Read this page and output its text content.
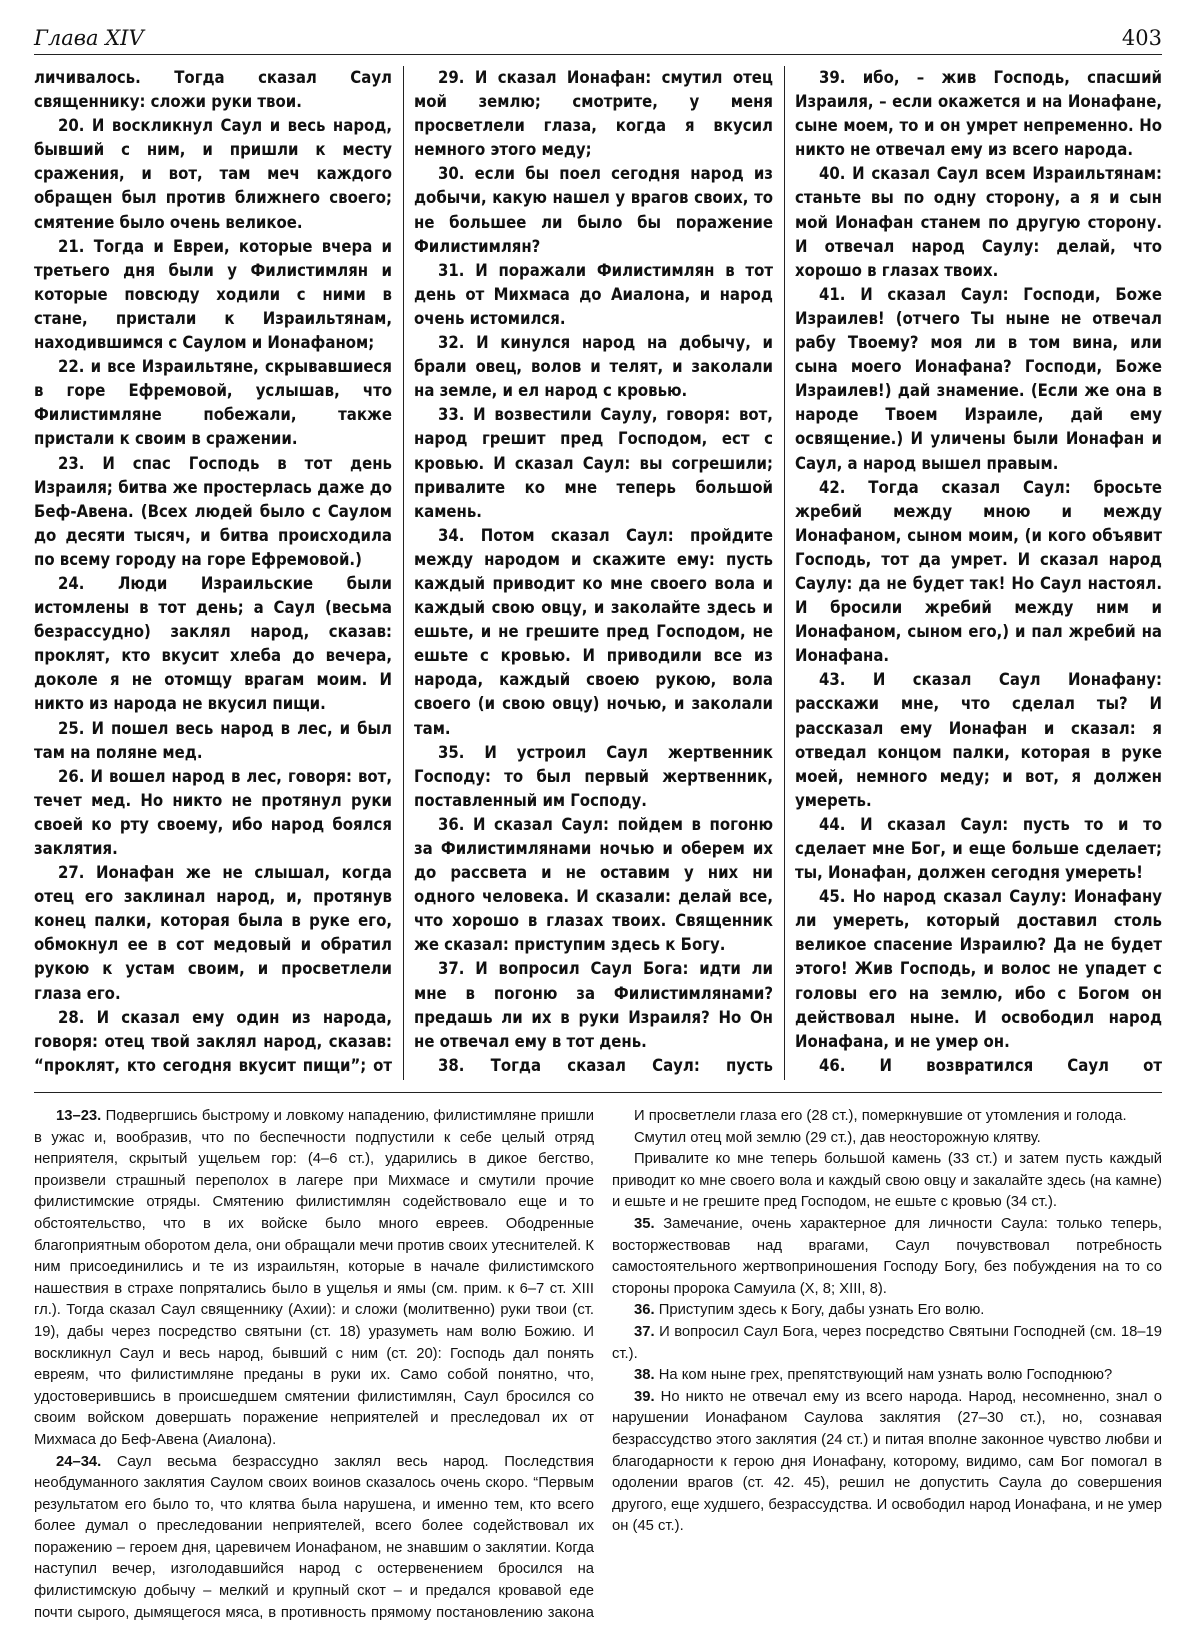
Глава XIV	403

личивалось. Тогда сказал Саул священнику: сложи руки твои.

20. И воскликнул Саул и весь народ, бывший с ним, и пришли к месту сражения, и вот, там меч каждого обращен был против ближнего своего; смятение было очень великое.

21. Тогда и Евреи, которые вчера и третьего дня были у Филистимлян и которые повсюду ходили с ними в стане, пристали к Израильтянам, находившимся с Саулом и Ионафаном;

22. и все Израильтяне, скрывавшиеся в горе Ефремовой, услышав, что Филистимляне побежали, также пристали к своим в сражении.

23. И спас Господь в тот день Израиля; битва же простерлась даже до Беф-Авена. (Всех людей было с Саулом до десяти тысяч, и битва происходила по всему городу на горе Ефремовой.)

24. Люди Израильские были истомлены в тот день; а Саул (весьма безрассудно) заклял народ, сказав: проклят, кто вкусит хлеба до вечера, доколе я не отомщу врагам моим. И никто из народа не вкусил пищи.

25. И пошел весь народ в лес, и был там на поляне мед.

26. И вошел народ в лес, говоря: вот, течет мед. Но никто не протянул руки своей ко рту своему, ибо народ боялся заклятия.

27. Ионафан же не слышал, когда отец его заклинал народ, и, протянув конец палки, которая была в руке его, обмокнул ее в сот медовый и обратил рукою к устам своим, и просветлели глаза его.

28. И сказал ему один из народа, говоря: отец твой заклял народ, сказав: “проклят, кто сегодня вкусит пищи”; от

29. И сказал Ионафан: смутил отец мой землю; смотрите, у меня просветлели глаза, когда я вкусил немного этого меду;

30. если бы поел сегодня народ из добычи, какую нашел у врагов своих, то не большее ли было бы поражение Филистимлян?

31. И поражали Филистимлян в тот день от Михмаса до Аиалона, и народ очень истомился.

32. И кинулся народ на добычу, и брали овец, волов и телят, и заколали на земле, и ел народ с кровью.

33. И возвестили Саулу, говоря: вот, народ грешит пред Господом, ест с кровью. И сказал Саул: вы согрешили; привалите ко мне теперь большой камень.

34. Потом сказал Саул: пройдите между народом и скажите ему: пусть каждый приводит ко мне своего вола и каждый свою овцу, и заколайте здесь и ешьте, и не грешите пред Господом, не ешьте с кровью. И приводили все из народа, каждый своею рукою, вола своего (и свою овцу) ночью, и заколали там.

35. И устроил Саул жертвенник Господу: то был первый жертвенник, поставленный им Господу.

36. И сказал Саул: пойдем в погоню за Филистимлянами ночью и оберем их до рассвета и не оставим у них ни одного человека. И сказали: делай все, что хорошо в глазах твоих. Священник же сказал: приступим здесь к Богу.

37. И вопросил Саул Бога: идти ли мне в погоню за Филистимлянами? предашь ли их в руки Израиля? Но Он не отвечал ему в тот день.

38. Тогда сказал Саул: пусть

39. ибо, – жив Господь, спасший Израиля, – если окажется и на Ионафане, сыне моем, то и он умрет непременно. Но никто не отвечал ему из всего народа.

40. И сказал Саул всем Израильтянам: станьте вы по одну сторону, а я и сын мой Ионафан станем по другую сторону. И отвечал народ Саулу: делай, что хорошо в глазах твоих.

41. И сказал Саул: Господи, Боже Израилев! (отчего Ты ныне не отвечал рабу Твоему? моя ли в том вина, или сына моего Ионафана? Господи, Боже Израилев!) дай знамение. (Если же она в народе Твоем Израиле, дай ему освящение.) И уличены были Ионафан и Саул, а народ вышел правым.

42. Тогда сказал Саул: бросьте жребий между мною и между Ионафаном, сыном моим, (и кого объявит Господь, тот да умрет. И сказал народ Саулу: да не будет так! Но Саул настоял. И бросили жребий между ним и Ионафаном, сыном его,) и пал жребий на Ионафана.

43. И сказал Саул Ионафану: расскажи мне, что сделал ты? И рассказал ему Ионафан и сказал: я отведал концом палки, которая в руке моей, немного меду; и вот, я должен умереть.

44. И сказал Саул: пусть то и то сделает мне Бог, и еще больше сделает; ты, Ионафан, должен сегодня умереть!

45. Но народ сказал Саулу: Ионафану ли умереть, который доставил столь великое спасение Израилю? Да не будет этого! Жив Господь, и волос не упадет с головы его на землю, ибо с Богом он действовал ныне. И освободил народ Ионафана, и не умер он.

46. И возвратился Саул от

13–23. Подвергшись быстрому и ловкому нападению, филистимляне пришли в ужас и, вообразив, что по беспечности подпустили к себе целый отряд неприятеля, скрытый ущельем гор: (4–6 ст.), ударились в дикое бегство, произвели страшный переполох в лагере при Михмасе и смутили прочие филистимские отряды. Смятению филистимлян содействовало еще и то обстоятельство, что в их войске было много евреев. Ободренные благоприятным оборотом дела, они обращали мечи против своих утеснителей. К ним присоединились и те из израильтян, которые в начале филистимского нашествия в страхе попрятались было в ущелья и ямы (см. прим. к 6–7 ст. XIII гл.). Тогда сказал Саул священнику (Ахии): и сложи (молитвенно) руки твои (ст. 19), дабы через посредство святыни (ст. 18) уразуметь нам волю Божию. И воскликнул Саул и весь народ, бывший с ним (ст. 20): Господь дал понять евреям, что филистимляне преданы в руки их. Само собой понятно, что, удостоверившись в происшедшем смятении филистимлян, Саул бросился со своим войском довершать поражение неприятелей и преследовал их от Михмаса до Беф-Авена (Аиалона).

24–34. Саул весьма безрассудно заклял весь народ. Последствия необдуманного заклятия Саулом своих воинов сказалось очень скоро. “Первым результатом его было то, что клятва была нарушена, и именно тем, кто всего более думал о преследовании неприятелей, всего более содействовал их поражению – героем дня, царевичем Ионафаном, не знавшим о заклятии. Когда наступил вечер, изголодавшийся народ с остервенением бросился на филистимскую добычу – мелкий и крупный скот – и предался кровавой еде почти сырого, дымящегося мяса, в противность прямому постановлению закона

И просветлели глаза его (28 ст.), померкнувшие от утомления и голода.

Смутил отец мой землю (29 ст.), дав неосторожную клятву.

Привалите ко мне теперь большой камень (33 ст.) и затем пусть каждый приводит ко мне своего вола и каждый свою овцу и закалайте здесь (на камне) и ешьте и не грешите пред Господом, не ешьте с кровью (34 ст.).

35. Замечание, очень характерное для личности Саула: только теперь, восторжествовав над врагами, Саул почувствовал потребность самостоятельного жертвоприношения Господу Богу, без побуждения на то со стороны пророка Самуила (X, 8; XIII, 8).

36. Приступим здесь к Богу, дабы узнать Его волю.

37. И вопросил Саул Бога, через посредство Святыни Господней (см. 18–19 ст.).

38. На ком ныне грех, препятствующий нам узнать волю Господнюю?

39. Но никто не отвечал ему из всего народа. Народ, несомненно, знал о нарушении Ионафаном Саулова заклятия (27–30 ст.), но, сознавая безрассудство этого заклятия (24 ст.) и питая вполне законное чувство любви и благодарности к герою дня Ионафану, которому, видимо, сам Бог помогал в одолении врагов (ст. 42. 45), решил не допустить Саула до совершения другого, еще худшего, безрассудства. И освободил народ Ионафана, и не умер он (45 ст.).
